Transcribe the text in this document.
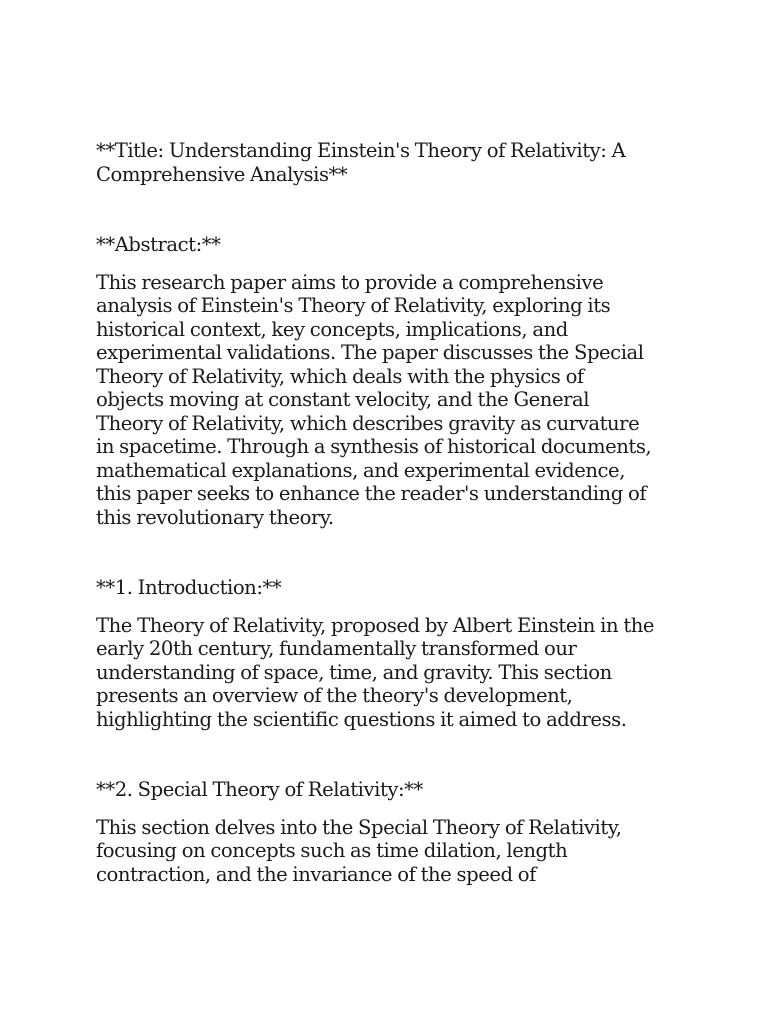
**Title: Understanding Einstein's Theory of Relativity: A Comprehensive Analysis**

**Abstract:**

This research paper aims to provide a comprehensive analysis of Einstein's Theory of Relativity, exploring its historical context, key concepts, implications, and experimental validations. The paper discusses the Special Theory of Relativity, which deals with the physics of objects moving at constant velocity, and the General Theory of Relativity, which describes gravity as curvature in spacetime. Through a synthesis of historical documents, mathematical explanations, and experimental evidence, this paper seeks to enhance the reader's understanding of this revolutionary theory.

**1. Introduction:**

The Theory of Relativity, proposed by Albert Einstein in the early 20th century, fundamentally transformed our understanding of space, time, and gravity. This section presents an overview of the theory's development, highlighting the scientific questions it aimed to address.

**2. Special Theory of Relativity:**

This section delves into the Special Theory of Relativity, focusing on concepts such as time dilation, length contraction, and the invariance of the speed of
